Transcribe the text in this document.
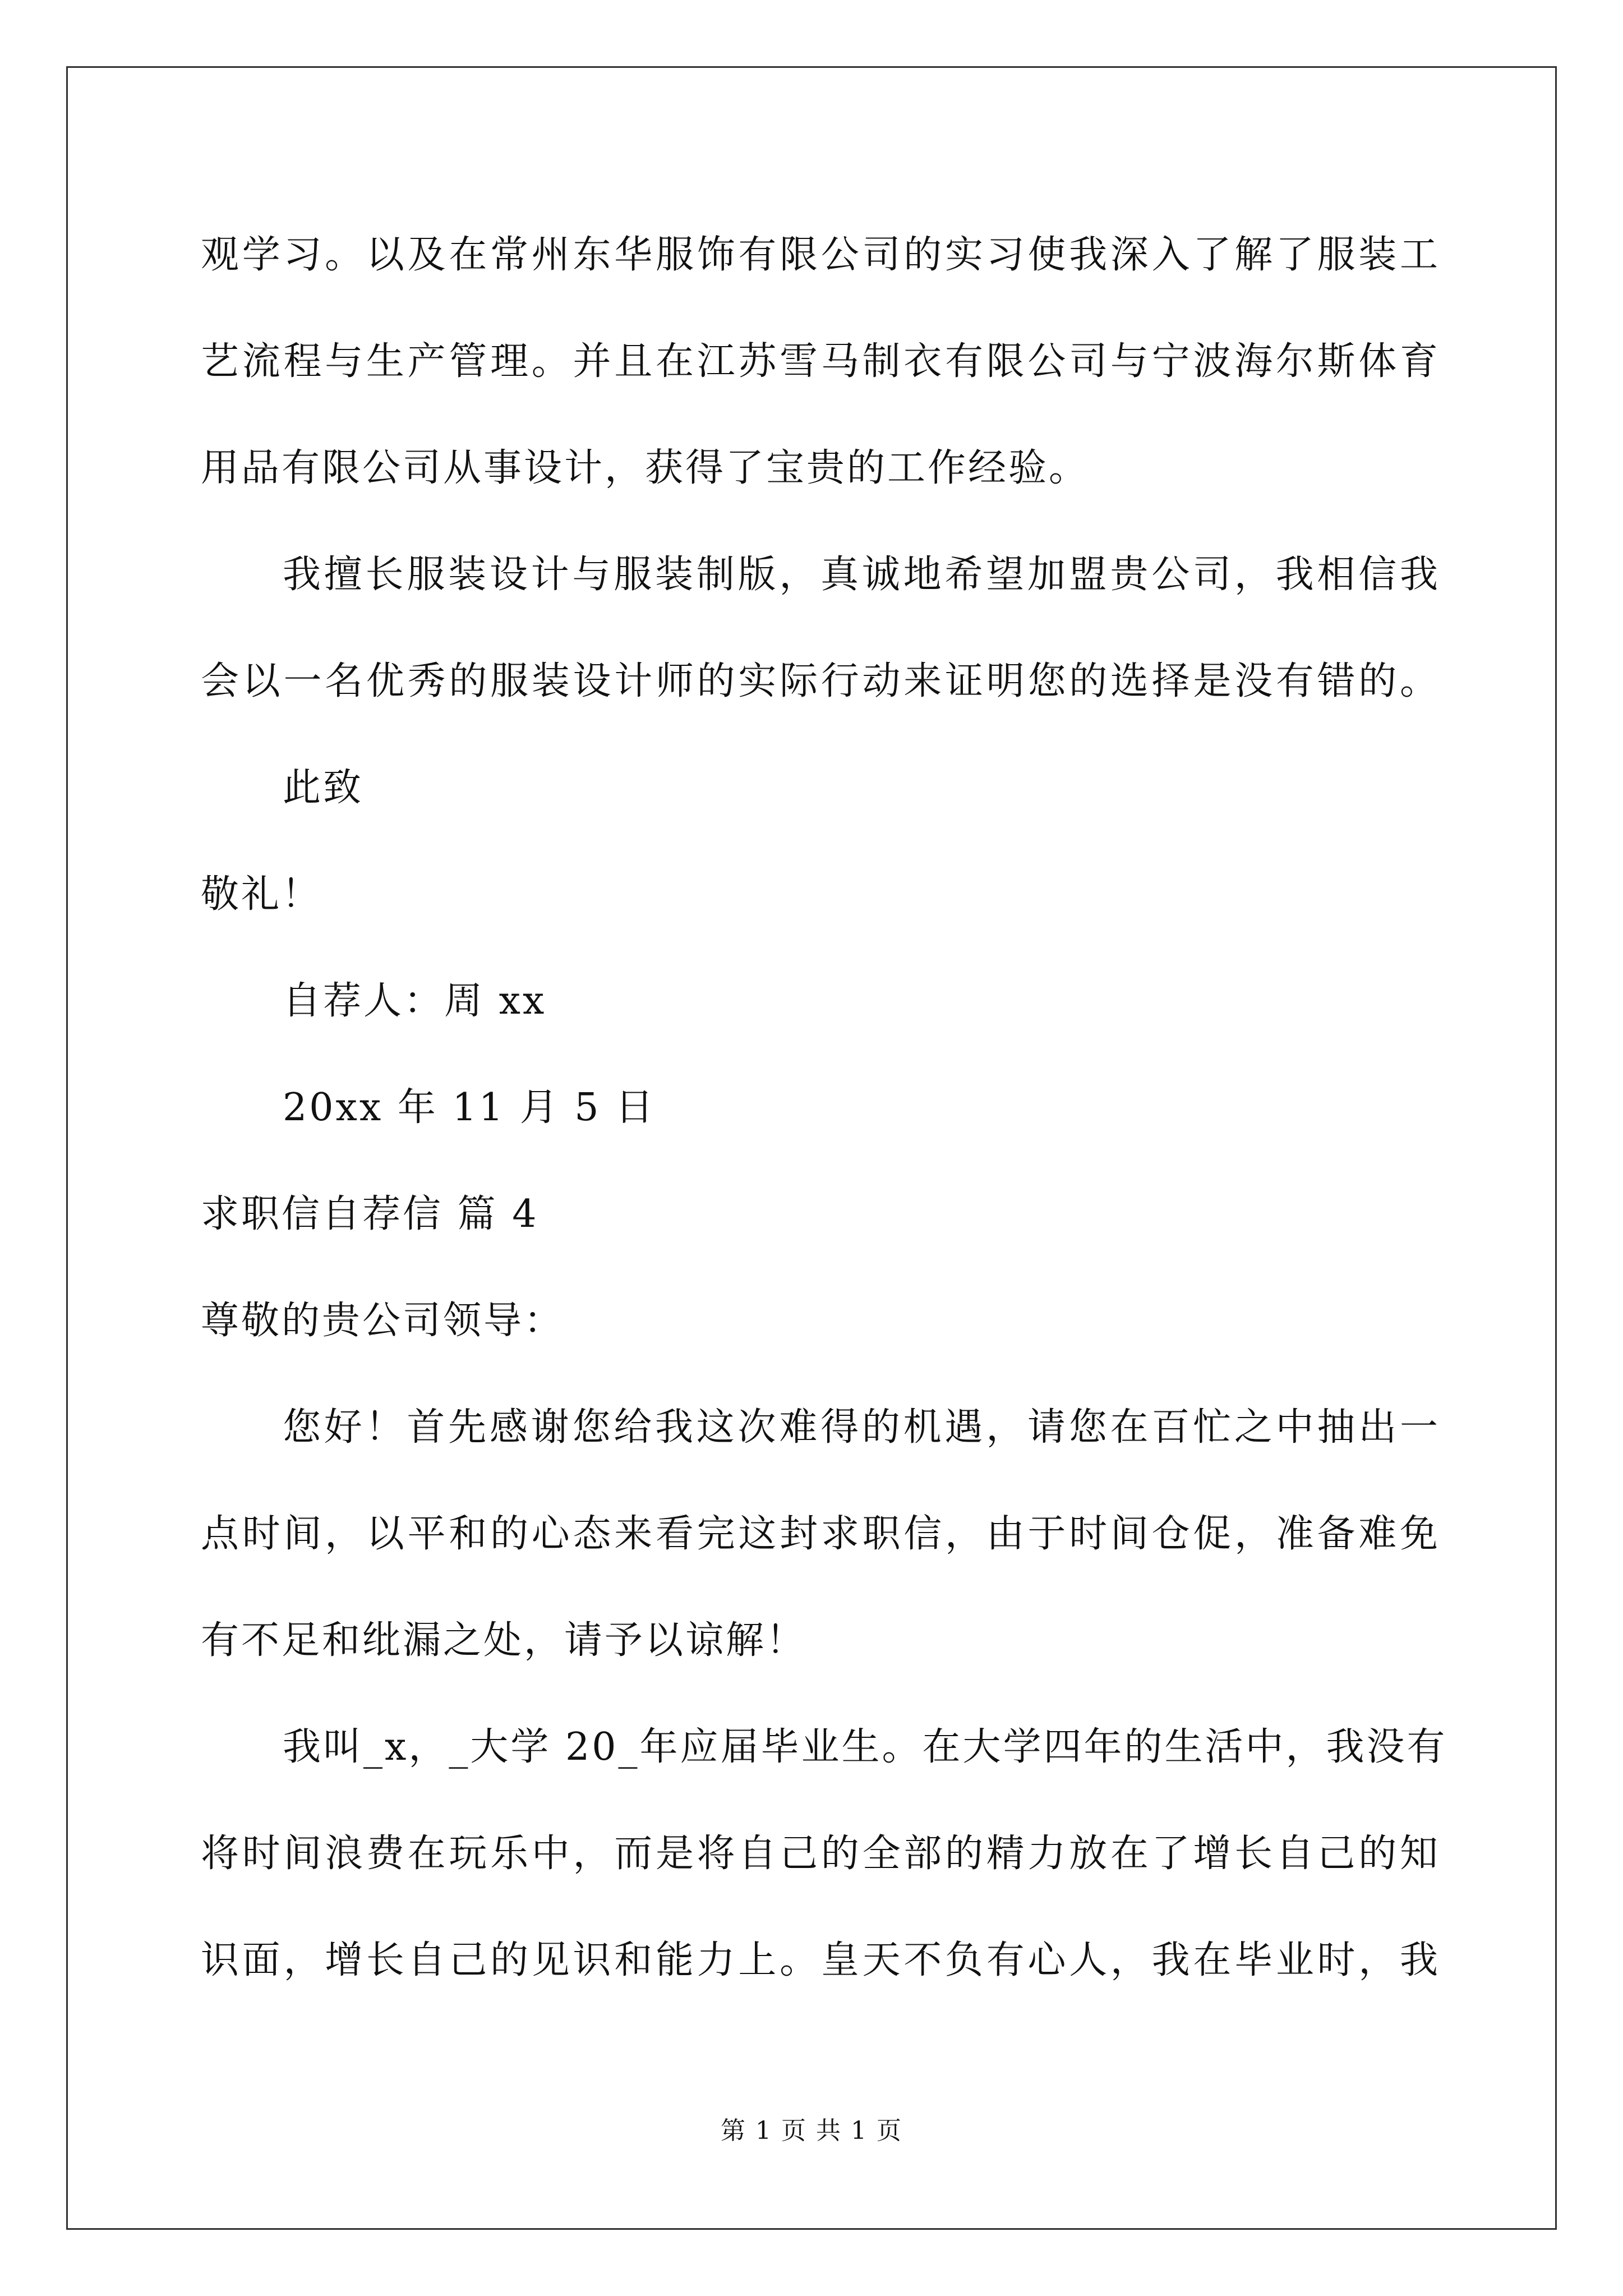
观学习。以及在常州东华服饰有限公司的实习使我深入了解了服装工

艺流程与生产管理。并且在江苏雪马制衣有限公司与宁波海尔斯体育

用品有限公司从事设计，获得了宝贵的工作经验。

我擅长服装设计与服装制版，真诚地希望加盟贵公司，我相信我

会以一名优秀的服装设计师的实际行动来证明您的选择是没有错的。

此致

敬礼！

自荐人：周 xx

20xx 年 11 月 5 日

求职信自荐信 篇 4

尊敬的贵公司领导：

您好！首先感谢您给我这次难得的机遇，请您在百忙之中抽出一

点时间，以平和的心态来看完这封求职信，由于时间仓促，准备难免

有不足和纰漏之处，请予以谅解！

我叫_x，_大学 20_年应届毕业生。在大学四年的生活中，我没有

将时间浪费在玩乐中，而是将自己的全部的精力放在了增长自己的知

识面，增长自己的见识和能力上。皇天不负有心人，我在毕业时，我

第 1 页 共 1 页
